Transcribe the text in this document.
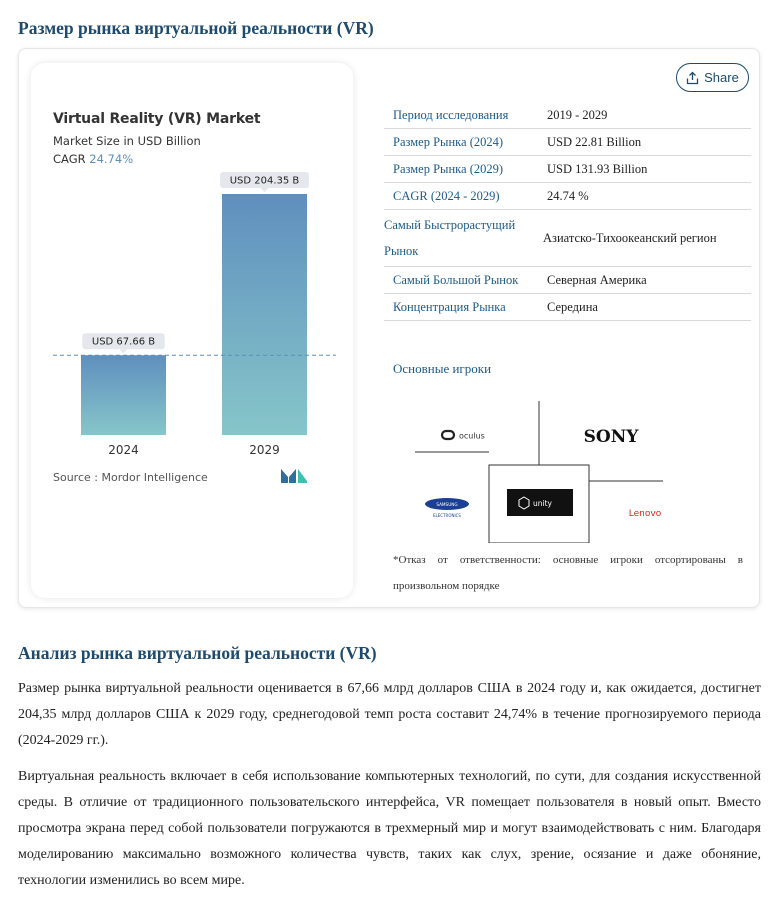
Размер рынка виртуальной реальности (VR)
Virtual Reality (VR) Market
Market Size in USD Billion
CAGR 24.74%
USD 67.66 B
2024
USD 204.35 B
2029
Source : Mordor Intelligence
Share
Период исследования	2019 - 2029
Размер Рынка (2024)	USD 22.81 Billion
Размер Рынка (2029)	USD 131.93 Billion
CAGR (2024 - 2029)	24.74 %
Самый Быстрорастущий Рынок	Азиатско-Тихоокеанский регион
Самый Большой Рынок	Северная Америка
Концентрация Рынка	Середина
Основные игроки
oculus	SONY
SAMSUNG
ELECTRONICS
unity
Lenovo
*Отказ от ответственности: основные игроки отсортированы в произвольном порядке
Анализ рынка виртуальной реальности (VR)

Размер рынка виртуальной реальности оценивается в 67,66 млрд долларов США в 2024 году и, как ожидается, достигнет 204,35 млрд долларов США к 2029 году, среднегодовой темп роста составит 24,74% в течение прогнозируемого периода (2024-2029 гг.).

Виртуальная реальность включает в себя использование компьютерных технологий, по сути, для создания искусственной среды. В отличие от традиционного пользовательского интерфейса, VR помещает пользователя в новый опыт. Вместо просмотра экрана перед собой пользователи погружаются в трехмерный мир и могут взаимодействовать с ним. Благодаря моделированию максимально возможного количества чувств, таких как слух, зрение, осязание и даже обоняние, технологии изменились во всем мире.
